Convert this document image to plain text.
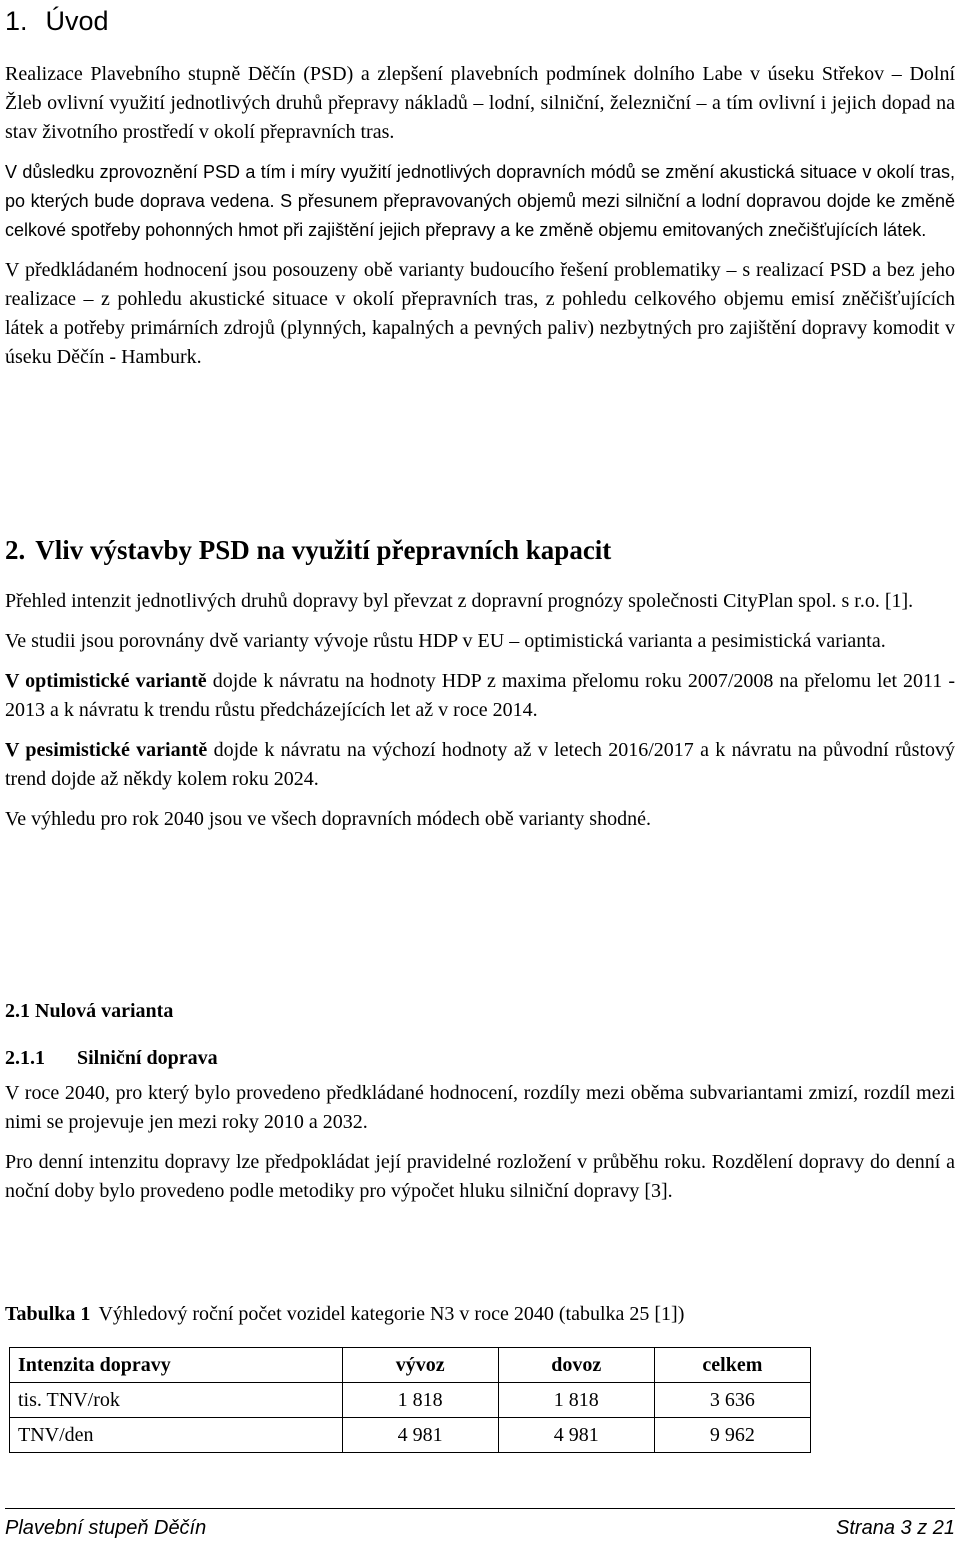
1. Úvod

Realizace Plavebního stupně Děčín (PSD) a zlepšení plavebních podmínek dolního Labe v úseku Střekov – Dolní Žleb ovlivní využití jednotlivých druhů přepravy nákladů – lodní, silniční, železniční – a tím ovlivní i jejich dopad na stav životního prostředí v okolí přepravních tras.

V důsledku zprovoznění PSD a tím i míry využití jednotlivých dopravních módů se změní akustická situace v okolí tras, po kterých bude doprava vedena. S přesunem přepravovaných objemů mezi silniční a lodní dopravou dojde ke změně celkové spotřeby pohonných hmot při zajištění jejich přepravy a ke změně objemu emitovaných znečišťujících látek.

V předkládaném hodnocení jsou posouzeny obě varianty budoucího řešení problematiky – s realizací PSD a bez jeho realizace – z pohledu akustické situace v okolí přepravních tras, z pohledu celkového objemu emisí zněčišťujících látek a potřeby primárních zdrojů (plynných, kapalných a pevných paliv) nezbytných pro zajištění dopravy komodit v úseku Děčín - Hamburk.

2. Vliv výstavby PSD na využití přepravních kapacit

Přehled intenzit jednotlivých druhů dopravy byl převzat z dopravní prognózy společnosti CityPlan spol. s r.o. [1].

Ve studii jsou porovnány dvě varianty vývoje růstu HDP v EU – optimistická varianta a pesimistická varianta.

V optimistické variantě dojde k návratu na hodnoty HDP z maxima přelomu roku 2007/2008 na přelomu let 2011 - 2013 a k návratu k trendu růstu předcházejících let až v roce 2014.

V pesimistické variantě dojde k návratu na výchozí hodnoty až v letech 2016/2017 a k návratu na původní růstový trend dojde až někdy kolem roku 2024.

Ve výhledu pro rok 2040 jsou ve všech dopravních módech obě varianty shodné.

2.1 Nulová varianta
2.1.1 Silniční doprava

V roce 2040, pro který bylo provedeno předkládané hodnocení, rozdíly mezi oběma subvariantami zmizí, rozdíl mezi nimi se projevuje jen mezi roky 2010 a 2032.

Pro denní intenzitu dopravy lze předpokládat její pravidelné rozložení v průběhu roku. Rozdělení dopravy do denní a noční doby bylo provedeno podle metodiky pro výpočet hluku silniční dopravy [3].

Tabulka 1 Výhledový roční počet vozidel kategorie N3 v roce 2040 (tabulka 25 [1])
Intenzita dopravy	vývoz	dovoz	celkem
tis. TNV/rok	1 818	1 818	3 636
TNV/den	4 981	4 981	9 962
Plavební stupeň Děčín	Strana 3 z 21
